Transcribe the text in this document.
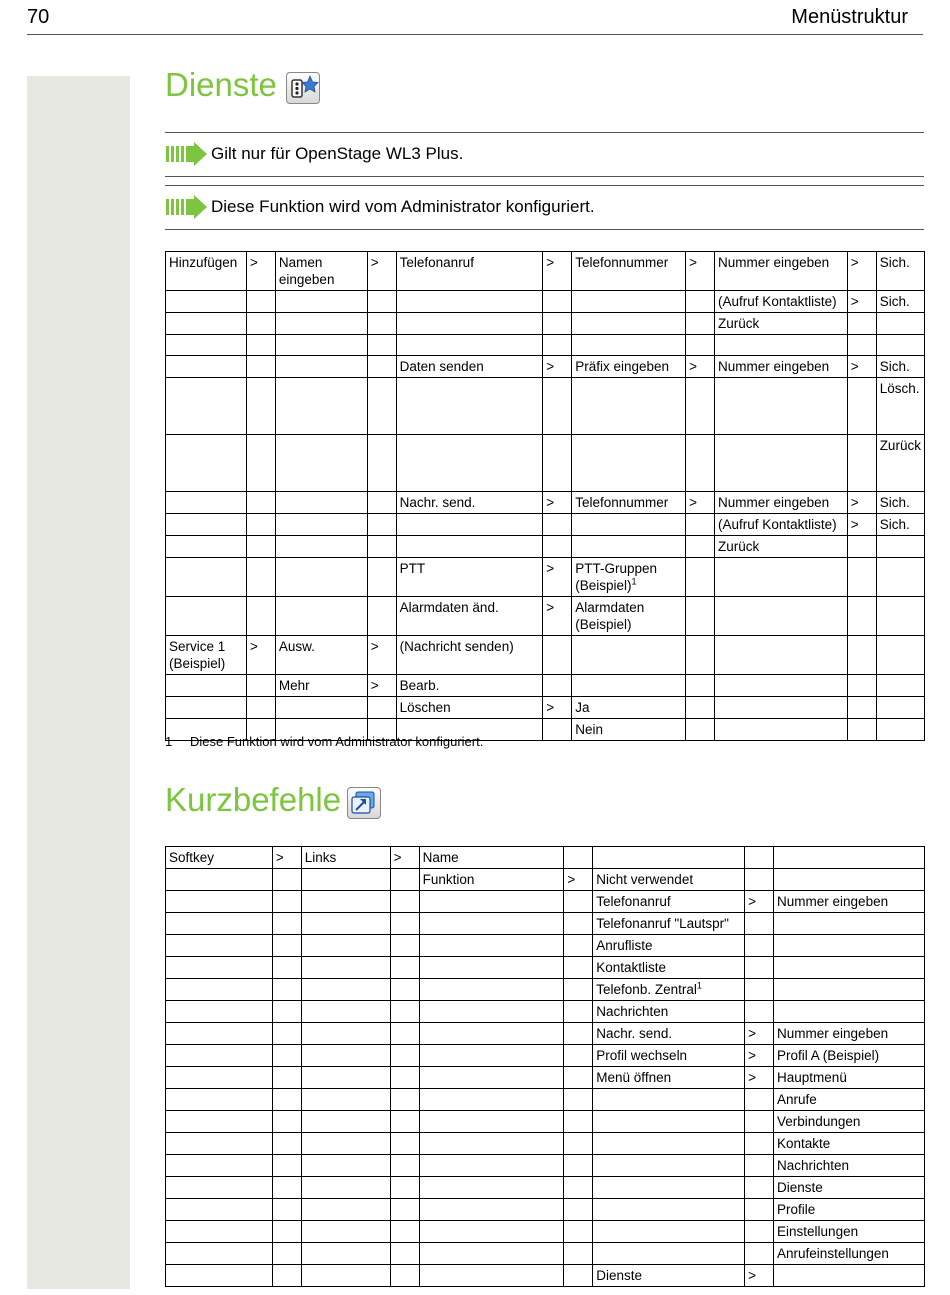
70	Menüstruktur
Dienste
Gilt nur für OpenStage WL3 Plus.
Diese Funktion wird vom Administrator konfiguriert.
Hinzufügen	>	Namen eingeben	>	Telefonanruf	>	Telefonnummer	>	Nummer eingeben	>	Sich.
								(Aufruf Kontaktliste)	>	Sich.
								Zurück		

				Daten senden	>	Präfix eingeben	>	Nummer eingeben	>	Sich.
										Lösch.
										Zurück
				Nachr. send.	>	Telefonnummer	>	Nummer eingeben	>	Sich.
								(Aufruf Kontaktliste)	>	Sich.
								Zurück		
				PTT	>	PTT-Gruppen (Beispiel)$^1$				
				Alarmdaten änd.	>	Alarmdaten (Beispiel)				
Service 1 (Beispiel)	>	Ausw.	>	(Nachricht senden)						
		Mehr	>	Bearb.						
				Löschen	>	Ja				
						Nein				
1 Diese Funktion wird vom Administrator konfiguriert.
Kurzbefehle
Softkey	>	Links	>	Name				
				Funktion	>	Nicht verwendet		
						Telefonanruf	>	Nummer eingeben
						Telefonanruf "Lautspr"		
						Anrufliste		
						Kontaktliste		
						Telefonb. Zentral$^1$		
						Nachrichten		
						Nachr. send.	>	Nummer eingeben
						Profil wechseln	>	Profil A (Beispiel)
						Menü öffnen	>	Hauptmenü
								Anrufe
								Verbindungen
								Kontakte
								Nachrichten
								Dienste
								Profile
								Einstellungen
								Anrufeinstellungen
						Dienste	>	
